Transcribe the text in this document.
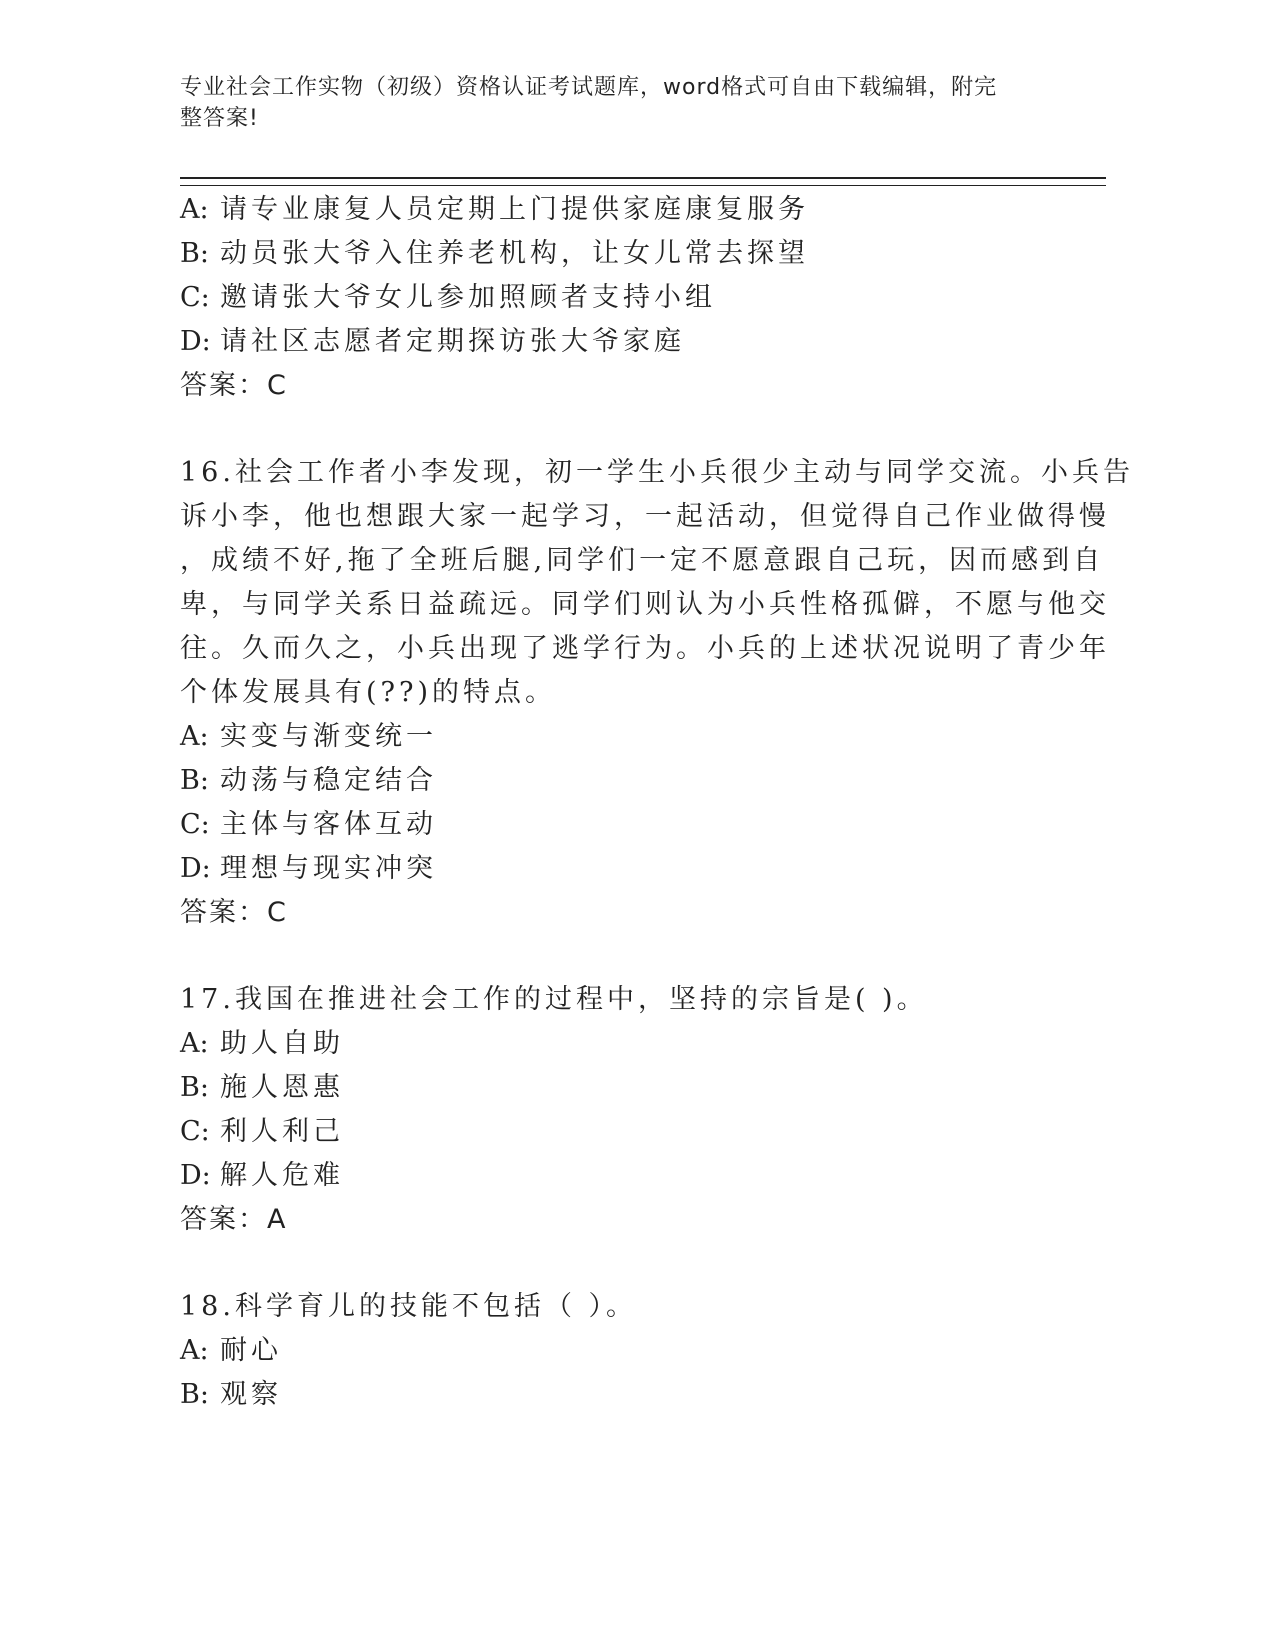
专业社会工作实物（初级）资格认证考试题库，word格式可自由下载编辑，附完
整答案!
A: 请专业康复人员定期上门提供家庭康复服务
B: 动员张大爷入住养老机构，让女儿常去探望
C: 邀请张大爷女儿参加照顾者支持小组
D: 请社区志愿者定期探访张大爷家庭
答案：C
16.社会工作者小李发现，初一学生小兵很少主动与同学交流。小兵告
诉小李，他也想跟大家一起学习，一起活动，但觉得自己作业做得慢
，成绩不好,拖了全班后腿,同学们一定不愿意跟自己玩，因而感到自
卑，与同学关系日益疏远。同学们则认为小兵性格孤僻，不愿与他交
往。久而久之，小兵出现了逃学行为。小兵的上述状况说明了青少年
个体发展具有(??)的特点。
A: 实变与渐变统一
B: 动荡与稳定结合
C: 主体与客体互动
D: 理想与现实冲突
答案：C
17.我国在推进社会工作的过程中，坚持的宗旨是( )。
A: 助人自助
B: 施人恩惠
C: 利人利己
D: 解人危难
答案：A
18.科学育儿的技能不包括（ ）。
A: 耐心
B: 观察
